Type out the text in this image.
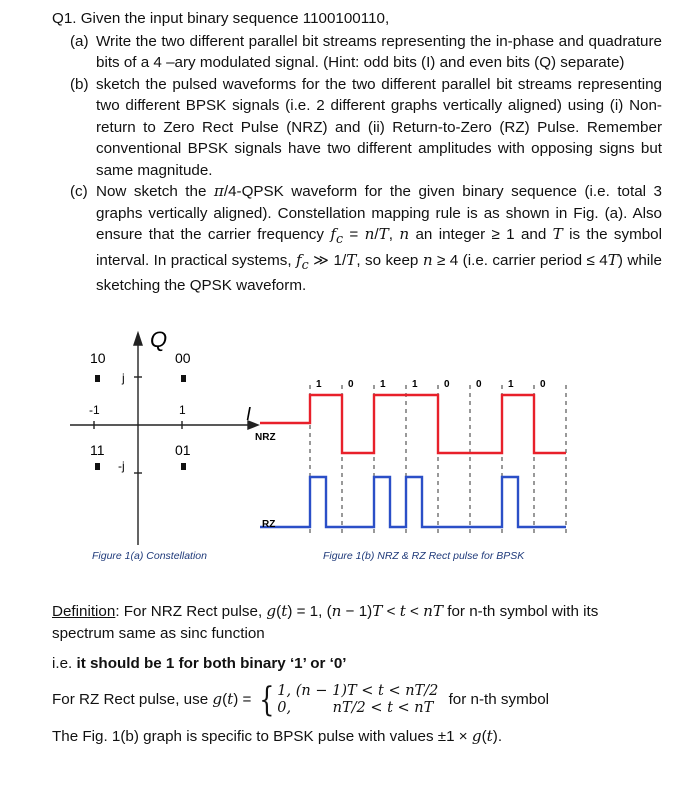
Q1. Given the input binary sequence 1100100110,

(a) Write the two different parallel bit streams representing the in-phase and quadrature bits of a 4 –ary modulated signal. (Hint: odd bits (I) and even bits (Q) separate)
(b) sketch the pulsed waveforms for the two different parallel bit streams representing two different BPSK signals (i.e. 2 different graphs vertically aligned) using (i) Non-return to Zero Rect Pulse (NRZ) and (ii) Return-to-Zero (RZ) Pulse. Remember conventional BPSK signals have two different amplitudes with opposing signs but same magnitude.
(c) Now sketch the π/4-QPSK waveform for the given binary sequence (i.e. total 3 graphs vertically aligned). Constellation mapping rule is as shown in Fig. (a). Also ensure that the carrier frequency $f_c = n/T$, n an integer ≥ 1 and T is the symbol interval. In practical systems, $f_c$ ≫ 1/T, so keep n ≥ 4 (i.e. carrier period ≤ 4T) while sketching the QPSK waveform.
Q
I
10
j
00
-1	1
11
-j
01
Figure 1(a) Constellation
1	0	1	1	0	0	1	0
NRZ
RZ
Figure 1(b) NRZ & RZ Rect pulse for BPSK

Definition: For NRZ Rect pulse, g(t) = 1, (n − 1)T < t < nT for n-th symbol with its spectrum same as sinc function

i.e. it should be 1 for both binary ‘1’ or ‘0’

For RZ Rect pulse, use g(t) = { 1, (n − 1)T < t < nT/2
0,         nT/2 < t < nT	for n-th symbol

The Fig. 1(b) graph is specific to BPSK pulse with values ±1 × g(t).
